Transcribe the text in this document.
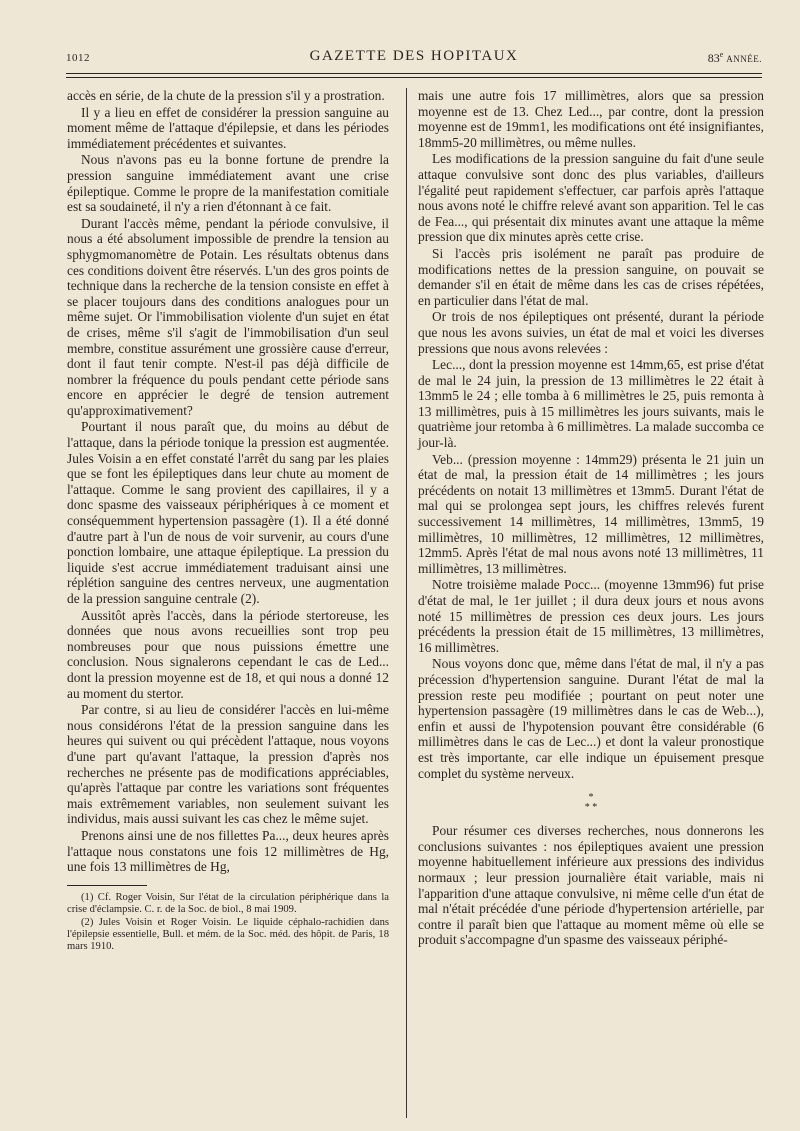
1012	GAZETTE DES HOPITAUX	83e ANNÉE.

accès en série, de la chute de la pression s'il y a prostration.

Il y a lieu en effet de considérer la pression sanguine au moment même de l'attaque d'épilepsie, et dans les périodes immédiatement précédentes et suivantes.

Nous n'avons pas eu la bonne fortune de prendre la pression sanguine immédiatement avant une crise épileptique. Comme le propre de la manifestation comitiale est sa soudaineté, il n'y a rien d'étonnant à ce fait.

Durant l'accès même, pendant la période convulsive, il nous a été absolument impossible de prendre la tension au sphygmomanomètre de Potain. Les résultats obtenus dans ces conditions doivent être réservés. L'un des gros points de technique dans la recherche de la tension consiste en effet à se placer toujours dans des conditions analogues pour un même sujet. Or l'immobilisation violente d'un sujet en état de crises, même s'il s'agit de l'immobilisation d'un seul membre, constitue assurément une grossière cause d'erreur, dont il faut tenir compte. N'est-il pas déjà difficile de nombrer la fréquence du pouls pendant cette période sans encore en apprécier le degré de tension autrement qu'approximativement?

Pourtant il nous paraît que, du moins au début de l'attaque, dans la période tonique la pression est augmentée. Jules Voisin a en effet constaté l'arrêt du sang par les plaies que se font les épileptiques dans leur chute au moment de l'attaque. Comme le sang provient des capillaires, il y a donc spasme des vaisseaux périphériques à ce moment et conséquemment hypertension passagère (1). Il a été donné d'autre part à l'un de nous de voir survenir, au cours d'une ponction lombaire, une attaque épileptique. La pression du liquide s'est accrue immédiatement traduisant ainsi une réplétion sanguine des centres nerveux, une augmentation de la pression sanguine centrale (2).

Aussitôt après l'accès, dans la période stertoreuse, les données que nous avons recueillies sont trop peu nombreuses pour que nous puissions émettre une conclusion. Nous signalerons cependant le cas de Led... dont la pression moyenne est de 18, et qui nous a donné 12 au moment du stertor.

Par contre, si au lieu de considérer l'accès en lui-même nous considérons l'état de la pression sanguine dans les heures qui suivent ou qui précèdent l'attaque, nous voyons d'une part qu'avant l'attaque, la pression d'après nos recherches ne présente pas de modifications appréciables, qu'après l'attaque par contre les variations sont fréquentes mais extrêmement variables, non seulement suivant les individus, mais aussi suivant les cas chez le même sujet.

Prenons ainsi une de nos fillettes Pa..., deux heures après l'attaque nous constatons une fois 12 millimètres de Hg, une fois 13 millimètres de Hg,

(1) Cf. Roger Voisin, Sur l'état de la circulation périphérique dans la crise d'éclampsie. C. r. de la Soc. de biol., 8 mai 1909.

(2) Jules Voisin et Roger Voisin. Le liquide céphalo-rachidien dans l'épilepsie essentielle, Bull. et mém. de la Soc. méd. des hôpit. de Paris, 18 mars 1910.

mais une autre fois 17 millimètres, alors que sa pression moyenne est de 13. Chez Led..., par contre, dont la pression moyenne est de 19mm1, les modifications ont été insignifiantes, 18mm5-20 millimètres, ou même nulles.

Les modifications de la pression sanguine du fait d'une seule attaque convulsive sont donc des plus variables, d'ailleurs l'égalité peut rapidement s'effectuer, car parfois après l'attaque nous avons noté le chiffre relevé avant son apparition. Tel le cas de Fea..., qui présentait dix minutes avant une attaque la même pression que dix minutes après cette crise.

Si l'accès pris isolément ne paraît pas produire de modifications nettes de la pression sanguine, on pouvait se demander s'il en était de même dans les cas de crises répétées, en particulier dans l'état de mal.

Or trois de nos épileptiques ont présenté, durant la période que nous les avons suivies, un état de mal et voici les diverses pressions que nous avons relevées :

Lec..., dont la pression moyenne est 14mm,65, est prise d'état de mal le 24 juin, la pression de 13 millimètres le 22 était à 13mm5 le 24 ; elle tomba à 6 millimètres le 25, puis remonta à 13 millimètres, puis à 15 millimètres les jours suivants, mais le quatrième jour retomba à 6 millimètres. La malade succomba ce jour-là.

Veb... (pression moyenne : 14mm29) présenta le 21 juin un état de mal, la pression était de 14 millimètres ; les jours précédents on notait 13 millimètres et 13mm5. Durant l'état de mal qui se prolongea sept jours, les chiffres relevés furent successivement 14 millimètres, 14 millimètres, 13mm5, 19 millimètres, 10 millimètres, 12 millimètres, 12 millimètres, 12mm5. Après l'état de mal nous avons noté 13 millimètres, 11 millimètres, 13 millimètres.

Notre troisième malade Pocc... (moyenne 13mm96) fut prise d'état de mal, le 1er juillet ; il dura deux jours et nous avons noté 15 millimètres de pression ces deux jours. Les jours précédents la pression était de 15 millimètres, 13 millimètres, 16 millimètres.

Nous voyons donc que, même dans l'état de mal, il n'y a pas précession d'hypertension sanguine. Durant l'état de mal la pression reste peu modifiée ; pourtant on peut noter une hypertension passagère (19 millimètres dans le cas de Web...), enfin et aussi de l'hypotension pouvant être considérable (6 millimètres dans le cas de Lec...) et dont la valeur pronostique est très importante, car elle indique un épuisement presque complet du système nerveux.

*
* *

Pour résumer ces diverses recherches, nous donnerons les conclusions suivantes : nos épileptiques avaient une pression moyenne habituellement inférieure aux pressions des individus normaux ; leur pression journalière était variable, mais ni l'apparition d'une attaque convulsive, ni même celle d'un état de mal n'était précédée d'une période d'hypertension artérielle, par contre il paraît bien que l'attaque au moment même où elle se produit s'accompagne d'un spasme des vaisseaux périphé-
